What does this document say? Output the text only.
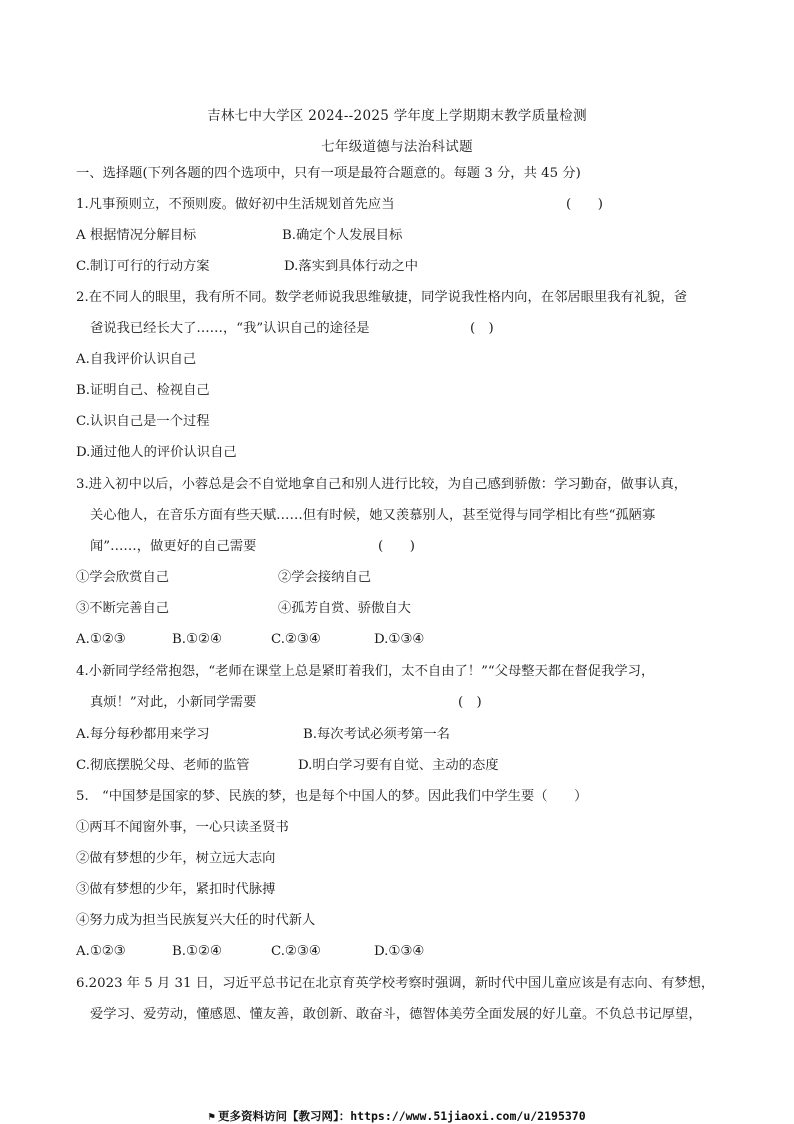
吉林七中大学区 2024--2025 学年度上学期期末教学质量检测
七年级道德与法治科试题
一、选择题(下列各题的四个选项中，只有一项是最符合题意的。每题 3 分，共 45 分)
1.凡事预则立，不预则废。做好初中生活规划首先应当	(　　)
A 根据情况分解目标	B.确定个人发展目标
C.制订可行的行动方案	D.落实到具体行动之中
2.在不同人的眼里，我有所不同。数学老师说我思维敏捷，同学说我性格内向，在邻居眼里我有礼貌，爸
爸说我已经长大了……，“我”认识自己的途径是	(　)
A.自我评价认识自己
B.证明自己、检视自己
C.认识自己是一个过程
D.通过他人的评价认识自己
3.进入初中以后，小蓉总是会不自觉地拿自己和别人进行比较，为自己感到骄傲：学习勤奋，做事认真，
关心他人，在音乐方面有些天赋……但有时候，她又羡慕别人，甚至觉得与同学相比有些“孤陋寡
闻”……，做更好的自己需要	(　　)
①学会欣赏自己	②学会接纳自己
③不断完善自己	④孤芳自赏、骄傲自大
A.①②③	B.①②④	C.②③④	D.①③④
4.小新同学经常抱怨，“老师在课堂上总是紧盯着我们，太不自由了！”“父母整天都在督促我学习，
真烦！”对此，小新同学需要	(　)
A.每分每秒都用来学习	B.每次考试必须考第一名
C.彻底摆脱父母、老师的监管	D.明白学习要有自觉、主动的态度
5.　“中国梦是国家的梦、民族的梦，也是每个中国人的梦。因此我们中学生要（　　）
①两耳不闻窗外事，一心只读圣贤书
②做有梦想的少年，树立远大志向
③做有梦想的少年，紧扣时代脉搏
④努力成为担当民族复兴大任的时代新人
A.①②③	B.①②④	C.②③④	D.①③④
6.2023 年 5 月 31 日，习近平总书记在北京育英学校考察时强调，新时代中国儿童应该是有志向、有梦想，
爱学习、爱劳动，懂感恩、懂友善，敢创新、敢奋斗，德智体美劳全面发展的好儿童。不负总书记厚望，
⚑ 更多资料访问【教习网】：https://www.51jiaoxi.com/u/2195370
